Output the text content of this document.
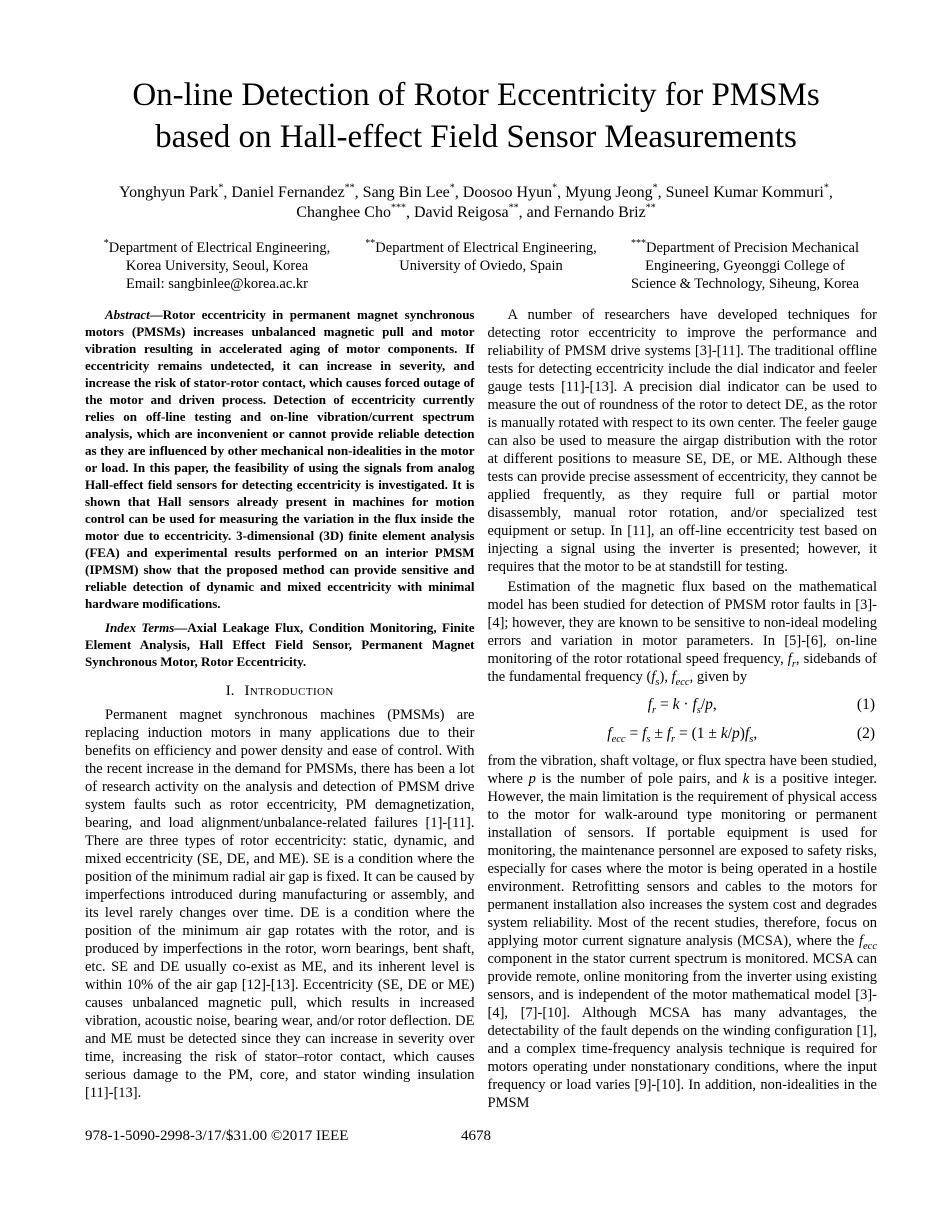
On-line Detection of Rotor Eccentricity for PMSMs
based on Hall-effect Field Sensor Measurements
Yonghyun Park*, Daniel Fernandez**, Sang Bin Lee*, Doosoo Hyun*, Myung Jeong*, Suneel Kumar Kommuri*,
Changhee Cho***, David Reigosa**, and Fernando Briz**
*Department of Electrical Engineering,
Korea University, Seoul, Korea
Email: sangbinlee@korea.ac.kr
**Department of Electrical Engineering,
University of Oviedo, Spain
***Department of Precision Mechanical
Engineering, Gyeonggi College of
Science & Technology, Siheung, Korea

Abstract—Rotor eccentricity in permanent magnet synchronous motors (PMSMs) increases unbalanced magnetic pull and motor vibration resulting in accelerated aging of motor components. If eccentricity remains undetected, it can increase in severity, and increase the risk of stator-rotor contact, which causes forced outage of the motor and driven process. Detection of eccentricity currently relies on off-line testing and on-line vibration/current spectrum analysis, which are inconvenient or cannot provide reliable detection as they are influenced by other mechanical non-idealities in the motor or load. In this paper, the feasibility of using the signals from analog Hall-effect field sensors for detecting eccentricity is investigated. It is shown that Hall sensors already present in machines for motion control can be used for measuring the variation in the flux inside the motor due to eccentricity. 3-dimensional (3D) finite element analysis (FEA) and experimental results performed on an interior PMSM (IPMSM) show that the proposed method can provide sensitive and reliable detection of dynamic and mixed eccentricity with minimal hardware modifications.

Index Terms—Axial Leakage Flux, Condition Monitoring, Finite Element Analysis, Hall Effect Field Sensor, Permanent Magnet Synchronous Motor, Rotor Eccentricity.

I. Introduction

Permanent magnet synchronous machines (PMSMs) are replacing induction motors in many applications due to their benefits on efficiency and power density and ease of control. With the recent increase in the demand for PMSMs, there has been a lot of research activity on the analysis and detection of PMSM drive system faults such as rotor eccentricity, PM demagnetization, bearing, and load alignment/unbalance-related failures [1]-[11]. There are three types of rotor eccentricity: static, dynamic, and mixed eccentricity (SE, DE, and ME). SE is a condition where the position of the minimum radial air gap is fixed. It can be caused by imperfections introduced during manufacturing or assembly, and its level rarely changes over time. DE is a condition where the position of the minimum air gap rotates with the rotor, and is produced by imperfections in the rotor, worn bearings, bent shaft, etc. SE and DE usually co-exist as ME, and its inherent level is within 10% of the air gap [12]-[13]. Eccentricity (SE, DE or ME) causes unbalanced magnetic pull, which results in increased vibration, acoustic noise, bearing wear, and/or rotor deflection. DE and ME must be detected since they can increase in severity over time, increasing the risk of stator–rotor contact, which causes serious damage to the PM, core, and stator winding insulation [11]-[13].

A number of researchers have developed techniques for detecting rotor eccentricity to improve the performance and reliability of PMSM drive systems [3]-[11]. The traditional offline tests for detecting eccentricity include the dial indicator and feeler gauge tests [11]-[13]. A precision dial indicator can be used to measure the out of roundness of the rotor to detect DE, as the rotor is manually rotated with respect to its own center. The feeler gauge can also be used to measure the airgap distribution with the rotor at different positions to measure SE, DE, or ME. Although these tests can provide precise assessment of eccentricity, they cannot be applied frequently, as they require full or partial motor disassembly, manual rotor rotation, and/or specialized test equipment or setup. In [11], an off-line eccentricity test based on injecting a signal using the inverter is presented; however, it requires that the motor to be at standstill for testing.

Estimation of the magnetic flux based on the mathematical model has been studied for detection of PMSM rotor faults in [3]-[4]; however, they are known to be sensitive to non-ideal modeling errors and variation in motor parameters. In [5]-[6], on-line monitoring of the rotor rotational speed frequency, $f_r$, sidebands of the fundamental frequency $(f_s)$, $f_{ecc}$, given by

$f_r = k \cdot f_s/p$,	(1)
$f_{ecc} = f_s \pm f_r = (1 \pm k/p)f_s$,	(2)

from the vibration, shaft voltage, or flux spectra have been studied, where p is the number of pole pairs, and k is a positive integer. However, the main limitation is the requirement of physical access to the motor for walk-around type monitoring or permanent installation of sensors. If portable equipment is used for monitoring, the maintenance personnel are exposed to safety risks, especially for cases where the motor is being operated in a hostile environment. Retrofitting sensors and cables to the motors for permanent installation also increases the system cost and degrades system reliability. Most of the recent studies, therefore, focus on applying motor current signature analysis (MCSA), where the $f_{ecc}$ component in the stator current spectrum is monitored. MCSA can provide remote, online monitoring from the inverter using existing sensors, and is independent of the motor mathematical model [3]-[4], [7]-[10]. Although MCSA has many advantages, the detectability of the fault depends on the winding configuration [1], and a complex time-frequency analysis technique is required for motors operating under nonstationary conditions, where the input frequency or load varies [9]-[10]. In addition, non-idealities in the PMSM

978-1-5090-2998-3/17/$31.00 ©2017 IEEE	4678
